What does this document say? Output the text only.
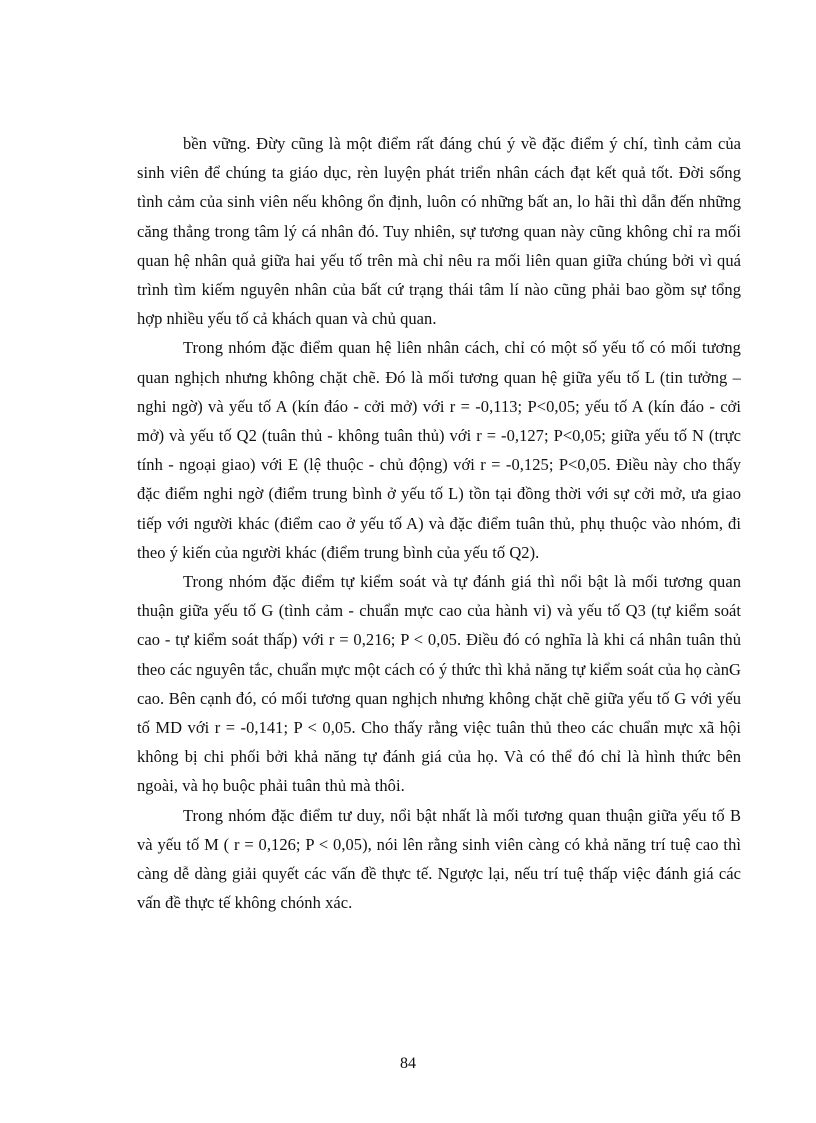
bền vững. Đừy cũng là một điểm rất đáng chú ý về đặc điểm ý chí, tình cảm của sinh viên để chúng ta giáo dục, rèn luyện phát triển nhân cách đạt kết quả tốt. Đời sống tình cảm của sinh viên nếu không ổn định, luôn có những bất an, lo hãi thì dẫn đến những căng thẳng trong tâm lý cá nhân đó. Tuy nhiên, sự tương quan này cũng không chỉ ra mối quan hệ nhân quả giữa hai yếu tố trên mà chỉ nêu ra mối liên quan giữa chúng bởi vì quá trình tìm kiếm nguyên nhân của bất cứ trạng thái tâm lí nào cũng phải bao gồm sự tổng hợp nhiều yếu tố cả khách quan và chủ quan.

Trong nhóm đặc điểm quan hệ liên nhân cách, chỉ có một số yếu tố có mối tương quan nghịch nhưng không chặt chẽ. Đó là mối tương quan hệ giữa yếu tố L (tin tưởng – nghi ngờ) và yếu tố A (kín đáo - cởi mở) với r = -0,113; P<0,05; yếu tố A (kín đáo - cởi mở) và yếu tố Q2 (tuân thủ - không tuân thủ) với r = -0,127; P<0,05; giữa yếu tố N (trực tính - ngoại giao) với E (lệ thuộc - chủ động) với r = -0,125; P<0,05. Điều này cho thấy đặc điểm nghi ngờ (điểm trung bình ở yếu tố L) tồn tại đồng thời với sự cởi mở, ưa giao tiếp với người khác (điểm cao ở yếu tố A) và đặc điểm tuân thủ, phụ thuộc vào nhóm, đi theo ý kiến của người khác (điểm trung bình của yếu tố Q2).

Trong nhóm đặc điểm tự kiểm soát và tự đánh giá thì nổi bật là mối tương quan thuận giữa yếu tố G (tình cảm - chuẩn mực cao của hành vi) và yếu tố Q3 (tự kiểm soát cao - tự kiểm soát thấp) với r = 0,216; P < 0,05. Điều đó có nghĩa là khi cá nhân tuân thủ theo các nguyên tắc, chuẩn mực một cách có ý thức thì khả năng tự kiểm soát của họ cànG cao. Bên cạnh đó, có mối tương quan nghịch nhưng không chặt chẽ giữa yếu tố G với yếu tố MD với r = -0,141; P < 0,05. Cho thấy rằng việc tuân thủ theo các chuẩn mực xã hội không bị chi phối bởi khả năng tự đánh giá của họ. Và có thể đó chỉ là hình thức bên ngoài, và họ buộc phải tuân thủ mà thôi.

Trong nhóm đặc điểm tư duy, nổi bật nhất là mối tương quan thuận giữa yếu tố B và yếu tố M ( r = 0,126; P < 0,05), nói lên rằng sinh viên càng có khả năng trí tuệ cao thì càng dễ dàng giải quyết các vấn đề thực tế. Ngược lại, nếu trí tuệ thấp việc đánh giá các vấn đề thực tế không chónh xác.

84
